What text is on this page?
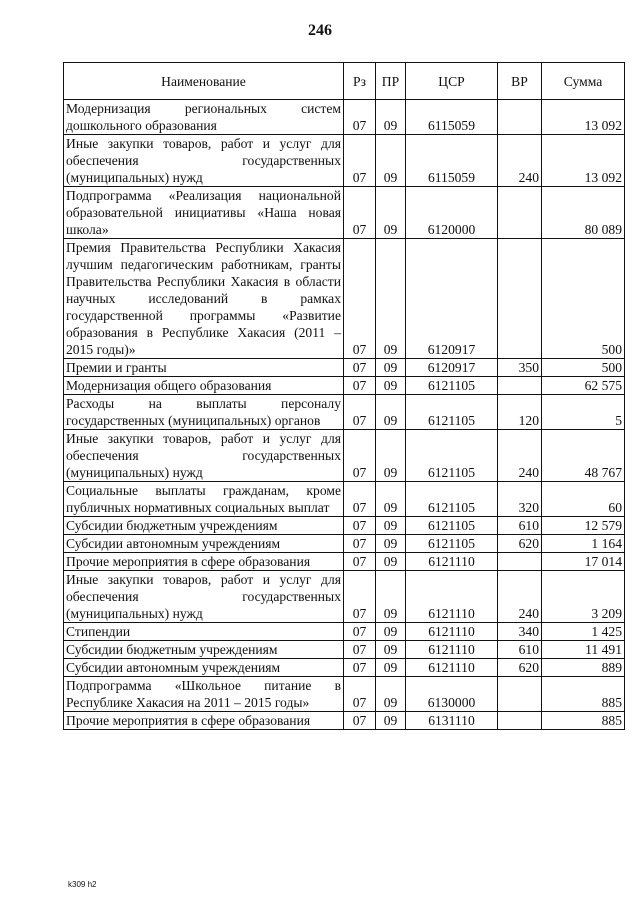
246
Наименование	Рз	ПР	ЦСР	ВР	Сумма
Модернизация региональных систем дошкольного образования	07	09	6115059		13 092
Иные закупки товаров, работ и услуг для обеспечения государственных (муниципальных) нужд	07	09	6115059	240	13 092
Подпрограмма «Реализация национальной образовательной инициативы «Наша новая школа»	07	09	6120000		80 089
Премия Правительства Республики Хакасия лучшим педагогическим работникам, гранты Правительства Республики Хакасия в области научных исследований в рамках государственной программы «Развитие образования в Республике Хакасия (2011 – 2015 годы)»	07	09	6120917		500
Премии и гранты	07	09	6120917	350	500
Модернизация общего образования	07	09	6121105		62 575
Расходы на выплаты персоналу государственных (муниципальных) органов	07	09	6121105	120	5
Иные закупки товаров, работ и услуг для обеспечения государственных (муниципальных) нужд	07	09	6121105	240	48 767
Социальные выплаты гражданам, кроме публичных нормативных социальных выплат	07	09	6121105	320	60
Субсидии бюджетным учреждениям	07	09	6121105	610	12 579
Субсидии автономным учреждениям	07	09	6121105	620	1 164
Прочие мероприятия в сфере образования	07	09	6121110		17 014
Иные закупки товаров, работ и услуг для обеспечения государственных (муниципальных) нужд	07	09	6121110	240	3 209
Стипендии	07	09	6121110	340	1 425
Субсидии бюджетным учреждениям	07	09	6121110	610	11 491
Субсидии автономным учреждениям	07	09	6121110	620	889
Подпрограмма «Школьное питание в Республике Хакасия на 2011 – 2015 годы»	07	09	6130000		885
Прочие мероприятия в сфере образования	07	09	6131110		885
k309 h2
